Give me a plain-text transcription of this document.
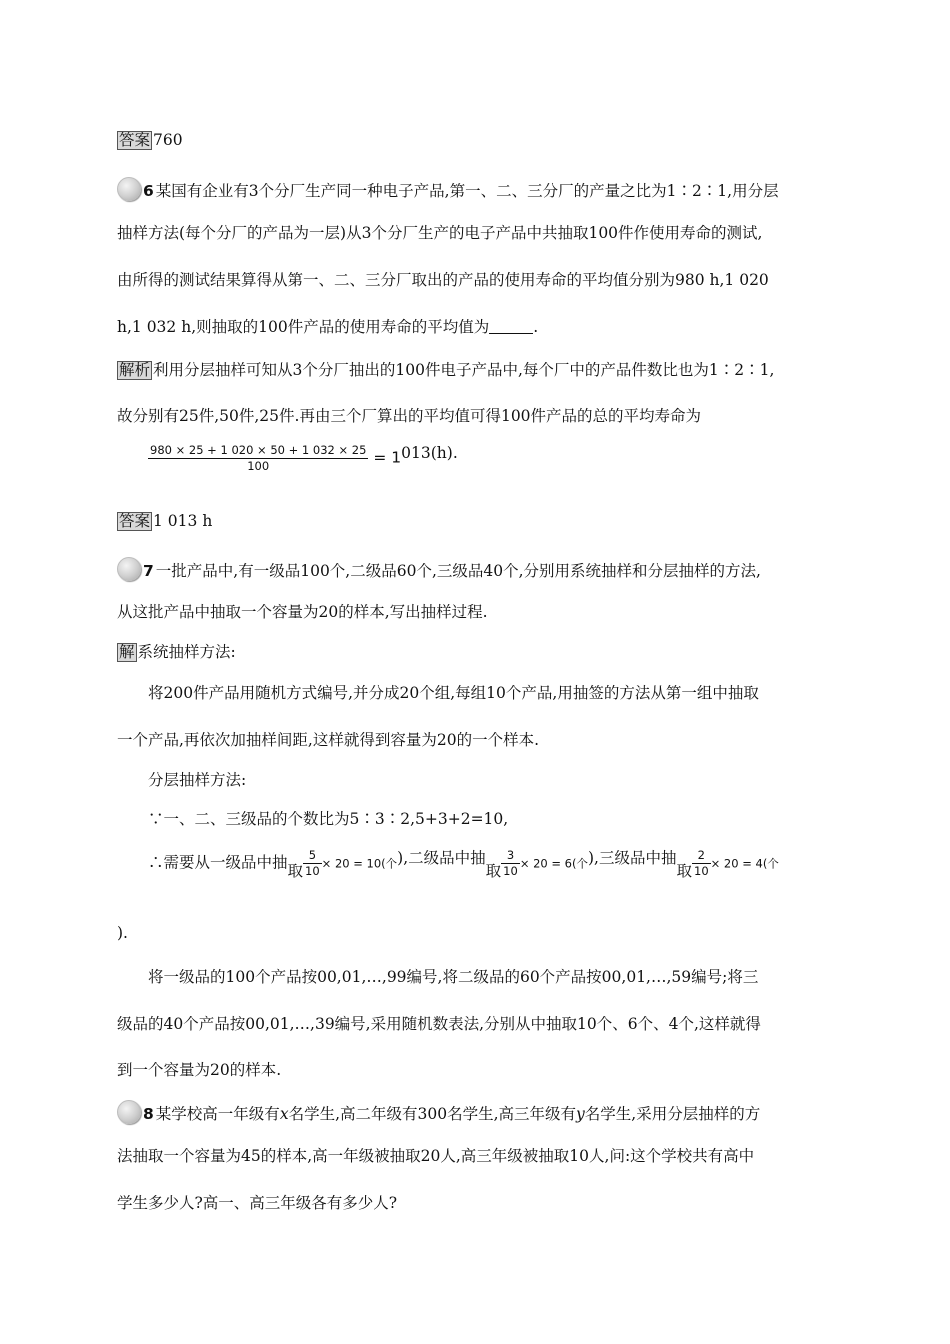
答案 760
6 某国有企业有3个分厂生产同一种电子产品,第一、二、三分厂的产量之比为1∶2∶1,用分层
抽样方法(每个分厂的产品为一层)从3个分厂生产的电子产品中共抽取100件作使用寿命的测试,
由所得的测试结果算得从第一、二、三分厂取出的产品的使用寿命的平均值分别为980 h,1 020
h,1 032 h,则抽取的100件产品的使用寿命的平均值为	.
解析 利用分层抽样可知从3个分厂抽出的100件电子产品中,每个厂中的产品件数比也为1∶2∶1,
故分别有25件,50件,25件.再由三个厂算出的平均值可得100件产品的总的平均寿命为
$\frac{980 \times 25 + 1 020 \times 50 + 1 032 \times 25}{100} = 1013(h)$.
答案 1 013 h
7 一批产品中,有一级品100个,二级品60个,三级品40个,分别用系统抽样和分层抽样的方法,
从这批产品中抽取一个容量为20的样本,写出抽样过程.
解 系统抽样方法:
将200件产品用随机方式编号,并分成20个组,每组10个产品,用抽签的方法从第一组中抽取
一个产品,再依次加抽样间距,这样就得到容量为20的一个样本.
分层抽样方法:
∵一、二、三级品的个数比为5∶3∶2,5+3+2=10,
∴需要从一级品中抽取 $\frac{5}{10} \times 20 = 10$(个),二级品中抽取 $\frac{3}{10} \times 20 = 6$(个),三级品中抽取 $\frac{2}{10} \times 20 = 4$(个
).
将一级品的100个产品按00,01,…,99编号,将二级品的60个产品按00,01,…,59编号;将三
级品的40个产品按00,01,…,39编号,采用随机数表法,分别从中抽取10个、6个、4个,这样就得
到一个容量为20的样本.
8 某学校高一年级有x名学生,高二年级有300名学生,高三年级有y名学生,采用分层抽样的方
法抽取一个容量为45的样本,高一年级被抽取20人,高三年级被抽取10人,问:这个学校共有高中
学生多少人?高一、高三年级各有多少人?
